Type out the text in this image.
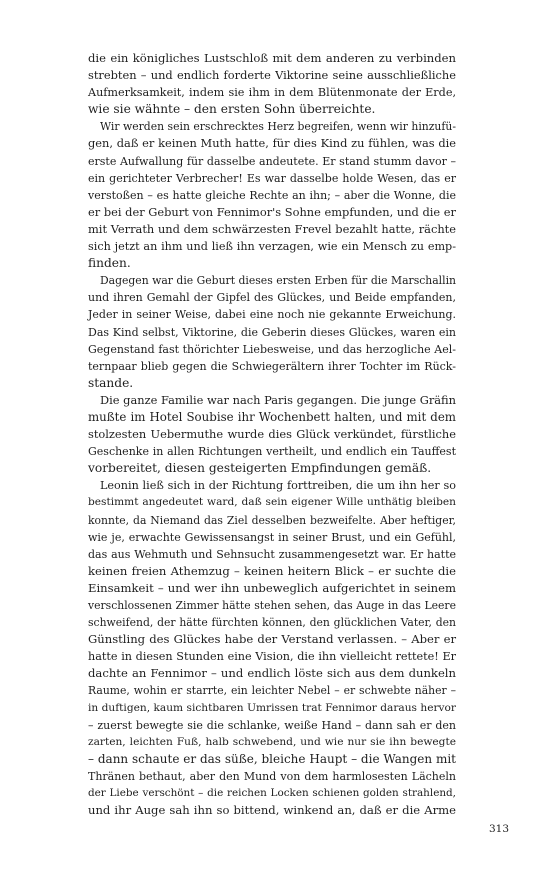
die ein königliches Lustschloß mit dem anderen zu verbinden
strebten – und endlich forderte Viktorine seine ausschließliche
Aufmerksamkeit, indem sie ihm in dem Blütenmonate der Erde,
wie sie wähnte – den ersten Sohn überreichte.
Wir werden sein erschrecktes Herz begreifen, wenn wir hinzufü-
gen, daß er keinen Muth hatte, für dies Kind zu fühlen, was die
erste Aufwallung für dasselbe andeutete. Er stand stumm davor –
ein gerichteter Verbrecher! Es war dasselbe holde Wesen, das er
verstoßen – es hatte gleiche Rechte an ihn; – aber die Wonne, die
er bei der Geburt von Fennimor's Sohne empfunden, und die er
mit Verrath und dem schwärzesten Frevel bezahlt hatte, rächte
sich jetzt an ihm und ließ ihn verzagen, wie ein Mensch zu emp-
finden.
Dagegen war die Geburt dieses ersten Erben für die Marschallin
und ihren Gemahl der Gipfel des Glückes, und Beide empfanden,
Jeder in seiner Weise, dabei eine noch nie gekannte Erweichung.
Das Kind selbst, Viktorine, die Geberin dieses Glückes, waren ein
Gegenstand fast thörichter Liebesweise, und das herzogliche Ael-
ternpaar blieb gegen die Schwiegerältern ihrer Tochter im Rück-
stande.
Die ganze Familie war nach Paris gegangen. Die junge Gräfin
mußte im Hotel Soubise ihr Wochenbett halten, und mit dem
stolzesten Uebermuthe wurde dies Glück verkündet, fürstliche
Geschenke in allen Richtungen vertheilt, und endlich ein Tauffest
vorbereitet, diesen gesteigerten Empfindungen gemäß.
Leonin ließ sich in der Richtung forttreiben, die um ihn her so
bestimmt angedeutet ward, daß sein eigener Wille unthätig bleiben
konnte, da Niemand das Ziel desselben bezweifelte. Aber heftiger,
wie je, erwachte Gewissensangst in seiner Brust, und ein Gefühl,
das aus Wehmuth und Sehnsucht zusammengesetzt war. Er hatte
keinen freien Athemzug – keinen heitern Blick – er suchte die
Einsamkeit – und wer ihn unbeweglich aufgerichtet in seinem
verschlossenen Zimmer hätte stehen sehen, das Auge in das Leere
schweifend, der hätte fürchten können, den glücklichen Vater, den
Günstling des Glückes habe der Verstand verlassen. – Aber er
hatte in diesen Stunden eine Vision, die ihn vielleicht rettete! Er
dachte an Fennimor – und endlich löste sich aus dem dunkeln
Raume, wohin er starrte, ein leichter Nebel – er schwebte näher –
in duftigen, kaum sichtbaren Umrissen trat Fennimor daraus hervor
– zuerst bewegte sie die schlanke, weiße Hand – dann sah er den
zarten, leichten Fuß, halb schwebend, und wie nur sie ihn bewegte
– dann schaute er das süße, bleiche Haupt – die Wangen mit
Thränen bethaut, aber den Mund von dem harmlosesten Lächeln
der Liebe verschönt – die reichen Locken schienen golden strahlend,
und ihr Auge sah ihn so bittend, winkend an, daß er die Arme
313
